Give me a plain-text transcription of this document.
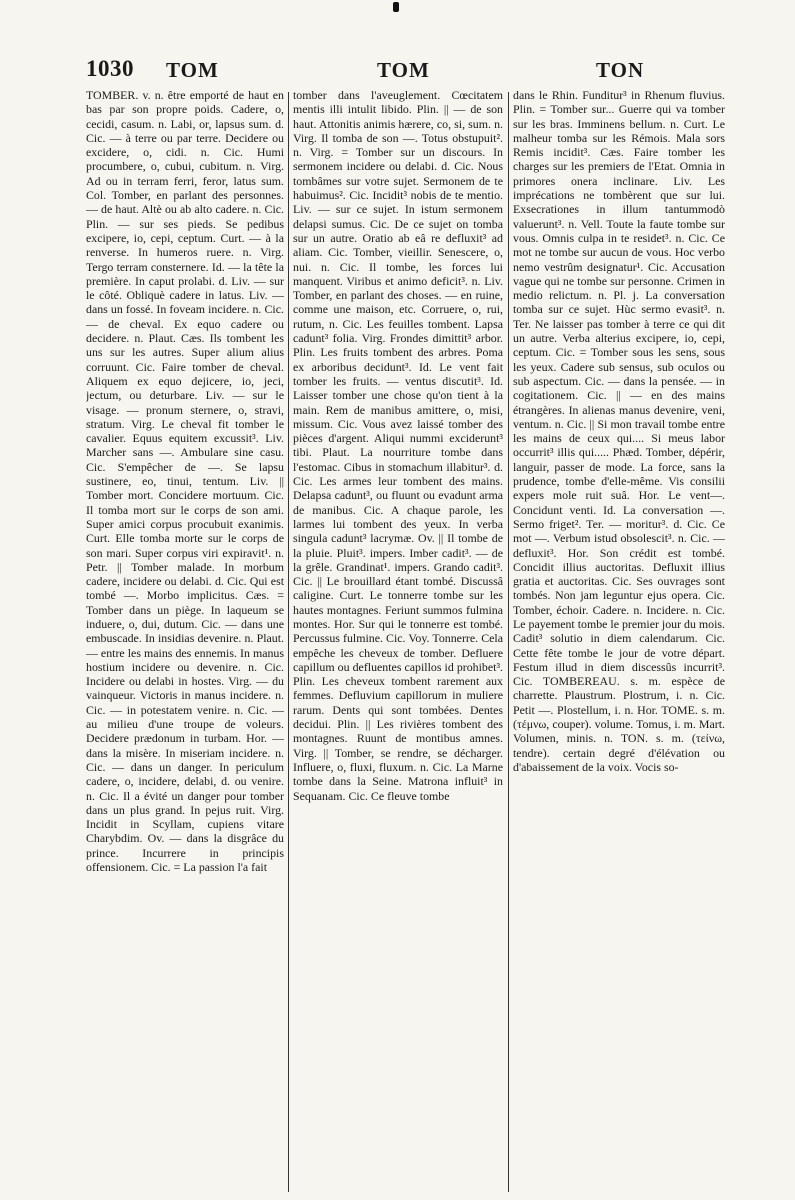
1030 TOM	TOM	TON

TOMBER. v. n. être emporté de haut en bas par son propre poids. Cadere, o, cecidi, casum. n. Labi, or, lapsus sum. d. Cic. — à terre ou par terre. Decidere ou excidere, o, cidi. n. Cic. Humi procumbere, o, cubui, cubitum. n. Virg. Ad ou in terram ferri, feror, latus sum. Col. Tomber, en parlant des personnes. — de haut. Altè ou ab alto cadere. n. Cic. Plin. — sur ses pieds. Se pedibus excipere, io, cepi, ceptum. Curt. — à la renverse. In humeros ruere. n. Virg. Tergo terram consternere. Id. — la tête la première. In caput prolabi. d. Liv. — sur le côté. Obliquè cadere in latus. Liv. — dans un fossé. In foveam incidere. n. Cic. — de cheval. Ex equo cadere ou decidere. n. Plaut. Cæs. Ils tombent les uns sur les autres. Super alium alius corruunt. Cic. Faire tomber de cheval. Aliquem ex equo dejicere, io, jeci, jectum, ou deturbare. Liv. — sur le visage. — pronum sternere, o, stravi, stratum. Virg. Le cheval fit tomber le cavalier. Equus equitem excussit³. Liv. Marcher sans —. Ambulare sine casu. Cic. S'empêcher de —. Se lapsu sustinere, eo, tinui, tentum. Liv. || Tomber mort. Concidere mortuum. Cic. Il tomba mort sur le corps de son ami. Super amici corpus procubuit exanimis. Curt. Elle tomba morte sur le corps de son mari. Super corpus viri expiravit¹. n. Petr. || Tomber malade. In morbum cadere, incidere ou delabi. d. Cic. Qui est tombé —. Morbo implicitus. Cæs. = Tomber dans un piège. In laqueum se induere, o, dui, dutum. Cic. — dans une embuscade. In insidias devenire. n. Plaut. — entre les mains des ennemis. In manus hostium incidere ou devenire. n. Cic. Incidere ou delabi in hostes. Virg. — du vainqueur. Victoris in manus incidere. n. Cic. — in potestatem venire. n. Cic. — au milieu d'une troupe de voleurs. Decidere prædonum in turbam. Hor. — dans la misère. In miseriam incidere. n. Cic. — dans un danger. In periculum cadere, o, incidere, delabi, d. ou venire. n. Cic. Il a évité un danger pour tomber dans un plus grand. In pejus ruit. Virg. Incidit in Scyllam, cupiens vitare Charybdim. Ov. — dans la disgrâce du prince. Incurrere in principis offensionem. Cic. = La passion l'a fait

tomber dans l'aveuglement. Cœcitatem mentis illi intulit libido. Plin. || — de son haut. Attonitis animis hærere, co, si, sum. n. Virg. Il tomba de son —. Totus obstupuit². n. Virg. = Tomber sur un discours. In sermonem incidere ou delabi. d. Cic. Nous tombâmes sur votre sujet. Sermonem de te habuimus². Cic. Incidit³ nobis de te mentio. Liv. — sur ce sujet. In istum sermonem delapsi sumus. Cic. De ce sujet on tomba sur un autre. Oratio ab eâ re defluxit³ ad aliam. Cic. Tomber, vieillir. Senescere, o, nui. n. Cic. Il tombe, les forces lui manquent. Viribus et animo deficit³. n. Liv. Tomber, en parlant des choses. — en ruine, comme une maison, etc. Corruere, o, rui, rutum, n. Cic. Les feuilles tombent. Lapsa cadunt³ folia. Virg. Frondes dimittit³ arbor. Plin. Les fruits tombent des arbres. Poma ex arboribus decidunt³. Id. Le vent fait tomber les fruits. — ventus discutit³. Id. Laisser tomber une chose qu'on tient à la main. Rem de manibus amittere, o, misi, missum. Cic. Vous avez laissé tomber des pièces d'argent. Aliqui nummi exciderunt³ tibi. Plaut. La nourriture tombe dans l'estomac. Cibus in stomachum illabitur³. d. Cic. Les armes leur tombent des mains. Delapsa cadunt³, ou fluunt ou evadunt arma de manibus. Cic. A chaque parole, les larmes lui tombent des yeux. In verba singula cadunt³ lacrymæ. Ov. || Il tombe de la pluie. Pluit³. impers. Imber cadit³. — de la grêle. Grandinat¹. impers. Grando cadit³. Cic. || Le brouillard étant tombé. Discussâ caligine. Curt. Le tonnerre tombe sur les hautes montagnes. Feriunt summos fulmina montes. Hor. Sur qui le tonnerre est tombé. Percussus fulmine. Cic. Voy. Tonnerre. Cela empêche les cheveux de tomber. Defluere capillum ou defluentes capillos id prohibet³. Plin. Les cheveux tombent rarement aux femmes. Defluvium capillorum in muliere rarum. Dents qui sont tombées. Dentes decidui. Plin. || Les rivières tombent des montagnes. Ruunt de montibus amnes. Virg. || Tomber, se rendre, se décharger. Influere, o, fluxi, fluxum. n. Cic. La Marne tombe dans la Seine. Matrona influit³ in Sequanam. Cic. Ce fleuve tombe

dans le Rhin. Funditur³ in Rhenum fluvius. Plin. = Tomber sur... Guerre qui va tomber sur les bras. Imminens bellum. n. Curt. Le malheur tomba sur les Rémois. Mala sors Remis incidit³. Cæs. Faire tomber les charges sur les premiers de l'Etat. Omnia in primores onera inclinare. Liv. Les imprécations ne tombèrent que sur lui. Exsecrationes in illum tantummodò valuerunt³. n. Vell. Toute la faute tombe sur vous. Omnis culpa in te residet³. n. Cic. Ce mot ne tombe sur aucun de vous. Hoc verbo nemo vestrûm designatur¹. Cic. Accusation vague qui ne tombe sur personne. Crimen in medio relictum. n. Pl. j. La conversation tomba sur ce sujet. Hùc sermo evasit³. n. Ter. Ne laisser pas tomber à terre ce qui dit un autre. Verba alterius excipere, io, cepi, ceptum. Cic. = Tomber sous les sens, sous les yeux. Cadere sub sensus, sub oculos ou sub aspectum. Cic. — dans la pensée. — in cogitationem. Cic. || — en des mains étrangères. In alienas manus devenire, veni, ventum. n. Cic. || Si mon travail tombe entre les mains de ceux qui.... Si meus labor occurrit³ illis qui..... Phæd. Tomber, dépérir, languir, passer de mode. La force, sans la prudence, tombe d'elle-même. Vis consilii expers mole ruit suâ. Hor. Le vent—. Concidunt venti. Id. La conversation —. Sermo friget². Ter. — moritur³. d. Cic. Ce mot —. Verbum istud obsolescit³. n. Cic. — defluxit³. Hor. Son crédit est tombé. Concidit illius auctoritas. Defluxit illius gratia et auctoritas. Cic. Ses ouvrages sont tombés. Non jam leguntur ejus opera. Cic. Tomber, échoir. Cadere. n. Incidere. n. Cic. Le payement tombe le premier jour du mois. Cadit³ solutio in diem calendarum. Cic. Cette fête tombe le jour de votre départ. Festum illud in diem discessûs incurrit³. Cic. TOMBEREAU. s. m. espèce de charrette. Plaustrum. Plostrum, i. n. Cic. Petit —. Plostellum, i. n. Hor. TOME. s. m. (τέμνω, couper). volume. Tomus, i. m. Mart. Volumen, minis. n. TON. s. m. (τείνω, tendre). certain degré d'élévation ou d'abaissement de la voix. Vocis so-
